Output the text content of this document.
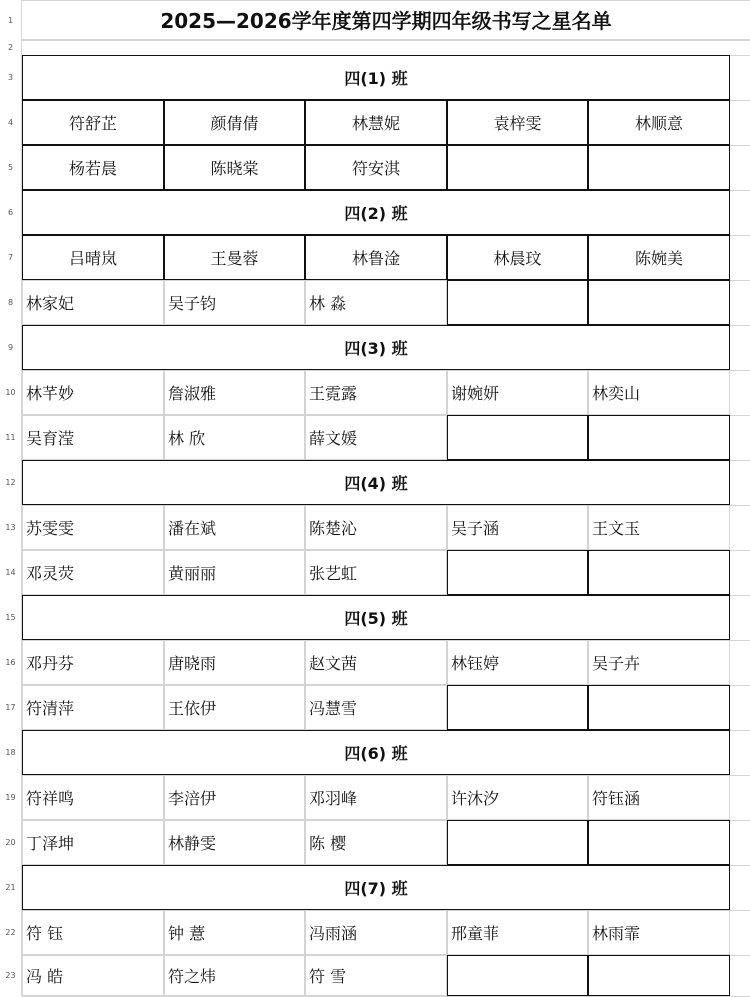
1
2
3
4
5
6
7
8
9
10
11
12
13
14
15
16
17
18
19
20
21
22
23
2025—2026学年度第四学期四年级书写之星名单
四(1) 班
符舒芷	颜倩倩	林慧妮	袁梓雯	林顺意
杨若晨	陈晓棠	符安淇
四(2) 班
吕晴岚	王曼蓉	林鲁淦	林晨玟	陈婉美
林家妃	吴子钧	林 淼
四(3) 班
林芊妙	詹淑雅	王霓露	谢婉妍	林奕山
吴育滢	林 欣	薛文媛
四(4) 班
苏雯雯	潘在斌	陈楚沁	吴子涵	王文玉
邓灵荧	黄丽丽	张艺虹
四(5) 班
邓丹芬	唐晓雨	赵文茜	林钰婷	吴子卉
符清萍	王依伊	冯慧雪
四(6) 班
符祥鸣	李涪伊	邓羽峰	许沐汐	符钰涵
丁泽坤	林静雯	陈 樱
四(7) 班
符 钰	钟 薏	冯雨涵	邢童菲	林雨霏
冯 皓	符之炜	符 雪
